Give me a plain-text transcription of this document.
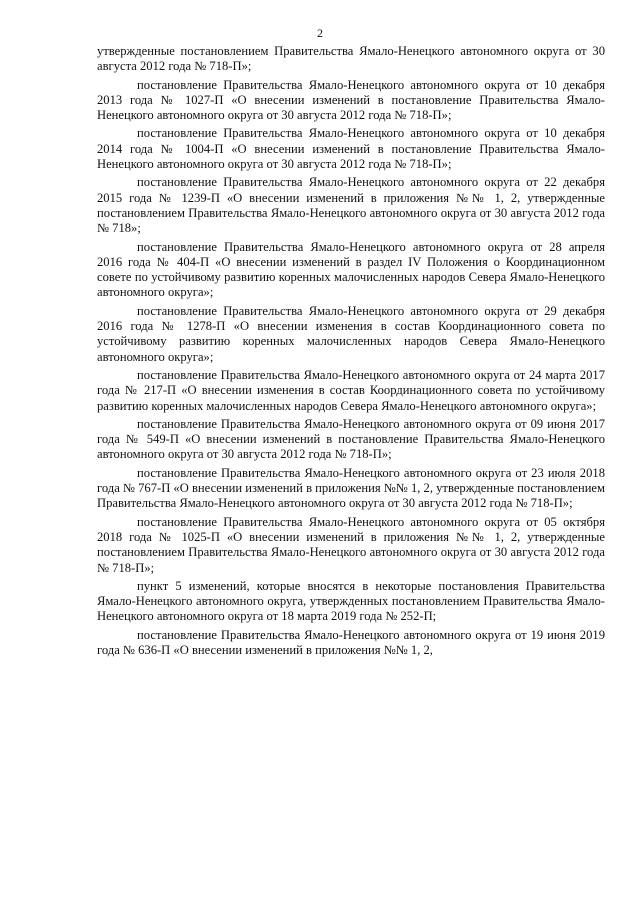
2

утвержденные постановлением Правительства Ямало-Ненецкого автономного округа от 30 августа 2012 года № 718-П»;

постановление Правительства Ямало-Ненецкого автономного округа от 10 декабря 2013 года № 1027-П «О внесении изменений в постановление Правительства Ямало-Ненецкого автономного округа от 30 августа 2012 года № 718-П»;

постановление Правительства Ямало-Ненецкого автономного округа от 10 декабря 2014 года № 1004-П «О внесении изменений в постановление Правительства Ямало-Ненецкого автономного округа от 30 августа 2012 года № 718-П»;

постановление Правительства Ямало-Ненецкого автономного округа от 22 декабря 2015 года № 1239-П «О внесении изменений в приложения №№ 1, 2, утвержденные постановлением Правительства Ямало-Ненецкого автономного округа от 30 августа 2012 года № 718»;

постановление Правительства Ямало-Ненецкого автономного округа от 28 апреля 2016 года № 404-П «О внесении изменений в раздел IV Положения о Координационном совете по устойчивому развитию коренных малочисленных народов Севера Ямало-Ненецкого автономного округа»;

постановление Правительства Ямало-Ненецкого автономного округа от 29 декабря 2016 года № 1278-П «О внесении изменения в состав Координационного совета по устойчивому развитию коренных малочисленных народов Севера Ямало-Ненецкого автономного округа»;

постановление Правительства Ямало-Ненецкого автономного округа от 24 марта 2017 года № 217-П «О внесении изменения в состав Координационного совета по устойчивому развитию коренных малочисленных народов Севера Ямало-Ненецкого автономного округа»;

постановление Правительства Ямало-Ненецкого автономного округа от 09 июня 2017 года № 549-П «О внесении изменений в постановление Правительства Ямало-Ненецкого автономного округа от 30 августа 2012 года № 718-П»;

постановление Правительства Ямало-Ненецкого автономного округа от 23 июля 2018 года № 767-П «О внесении изменений в приложения №№ 1, 2, утвержденные постановлением Правительства Ямало-Ненецкого автономного округа от 30 августа 2012 года № 718-П»;

постановление Правительства Ямало-Ненецкого автономного округа от 05 октября 2018 года № 1025-П «О внесении изменений в приложения №№ 1, 2, утвержденные постановлением Правительства Ямало-Ненецкого автономного округа от 30 августа 2012 года № 718-П»;

пункт 5 изменений, которые вносятся в некоторые постановления Правительства Ямало-Ненецкого автономного округа, утвержденных постановлением Правительства Ямало-Ненецкого автономного округа от 18 марта 2019 года № 252-П;

постановление Правительства Ямало-Ненецкого автономного округа от 19 июня 2019 года № 636-П «О внесении изменений в приложения №№ 1, 2,
